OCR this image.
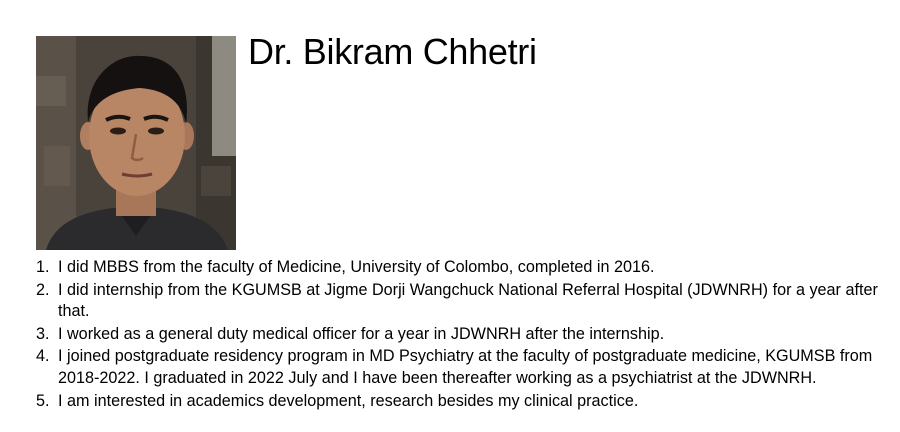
Dr. Bikram Chhetri
1. I did MBBS from the faculty of Medicine, University of Colombo, completed in 2016.
2. I did internship from the KGUMSB at Jigme Dorji Wangchuck National Referral Hospital (JDWNRH) for a year after that.
3. I worked as a general duty medical officer for a year in JDWNRH after the internship.
4. I joined postgraduate residency program in MD Psychiatry at the faculty of postgraduate medicine, KGUMSB from 2018-2022. I graduated in 2022 July and I have been thereafter working as a psychiatrist at the JDWNRH.
5. I am interested in academics development, research besides my clinical practice.
